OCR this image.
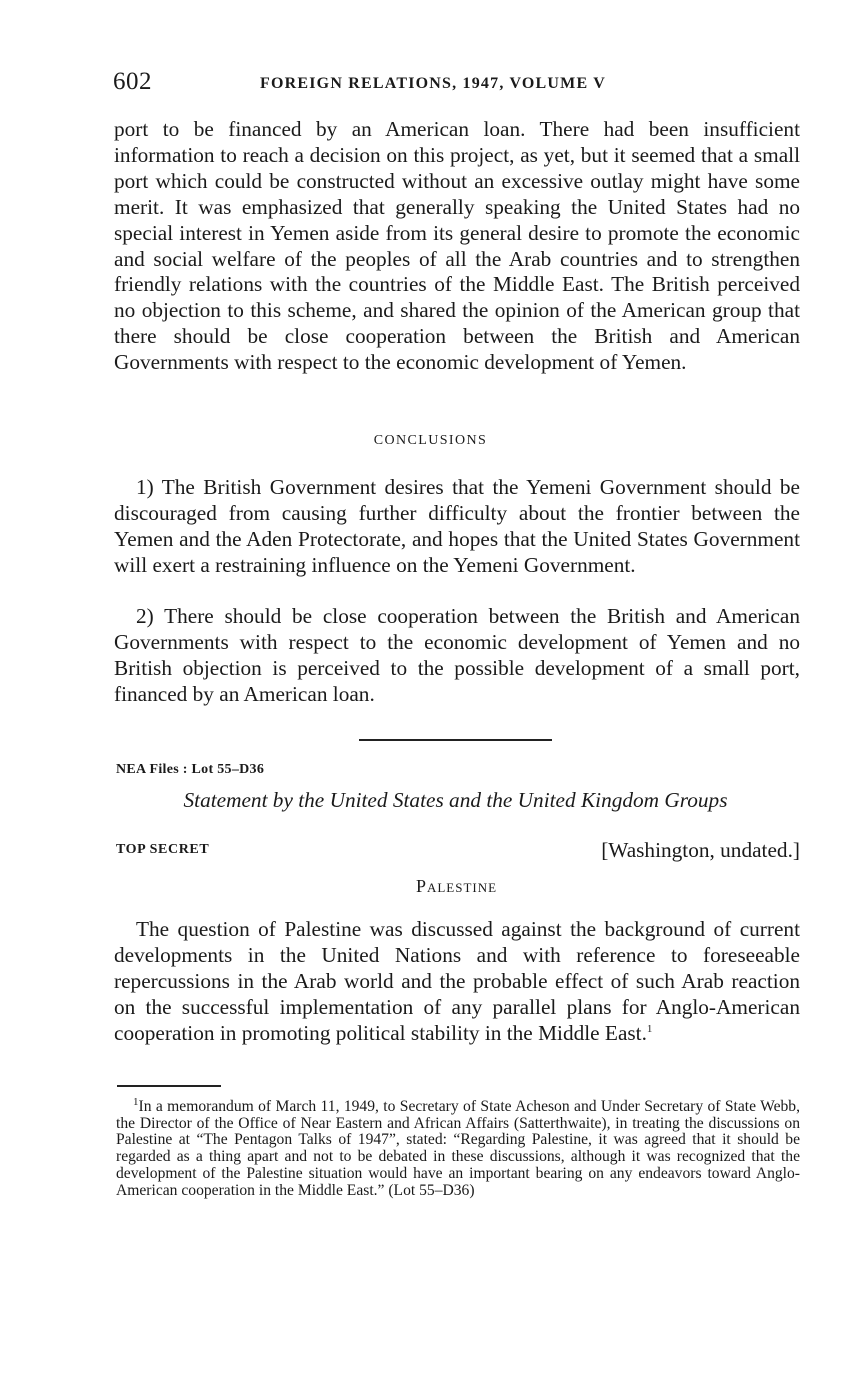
602	FOREIGN RELATIONS, 1947, VOLUME V

port to be financed by an American loan. There had been insufficient information to reach a decision on this project, as yet, but it seemed that a small port which could be constructed without an excessive outlay might have some merit. It was emphasized that generally speaking the United States had no special interest in Yemen aside from its general desire to promote the economic and social welfare of the peoples of all the Arab countries and to strengthen friendly relations with the countries of the Middle East. The British perceived no objection to this scheme, and shared the opinion of the American group that there should be close cooperation between the British and American Governments with respect to the economic development of Yemen.

CONCLUSIONS

1) The British Government desires that the Yemeni Government should be discouraged from causing further difficulty about the frontier between the Yemen and the Aden Protectorate, and hopes that the United States Government will exert a restraining influence on the Yemeni Government.

2) There should be close cooperation between the British and American Governments with respect to the economic development of Yemen and no British objection is perceived to the possible development of a small port, financed by an American loan.

NEA Files : Lot 55–D36
Statement by the United States and the United Kingdom Groups
TOP SECRET	[Washington, undated.]
Palestine

The question of Palestine was discussed against the background of current developments in the United Nations and with reference to foreseeable repercussions in the Arab world and the probable effect of such Arab reaction on the successful implementation of any parallel plans for Anglo-American cooperation in promoting political stability in the Middle East.$^1$

$^1$In a memorandum of March 11, 1949, to Secretary of State Acheson and Under Secretary of State Webb, the Director of the Office of Near Eastern and African Affairs (Satterthwaite), in treating the discussions on Palestine at “The Pentagon Talks of 1947”, stated: “Regarding Palestine, it was agreed that it should be regarded as a thing apart and not to be debated in these discussions, although it was recognized that the development of the Palestine situation would have an important bearing on any endeavors toward Anglo-American cooperation in the Middle East.” (Lot 55–D36)
